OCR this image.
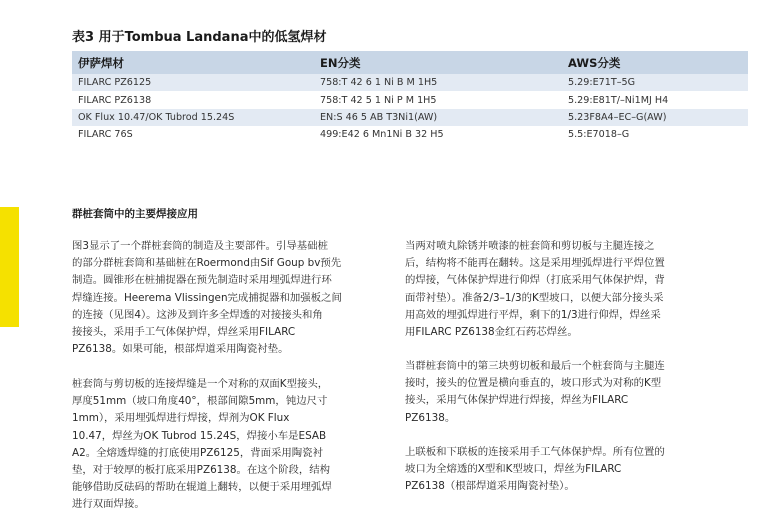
表3 用于Tombua Landana中的低氢焊材
伊萨焊材	EN分类	AWS分类
FILARC PZ6125	758:T 42 6 1 Ni B M 1H5	5.29:E71T–5G
FILARC PZ6138	758:T 42 5 1 Ni P M 1H5	5.29:E81T/–Ni1MJ H4
OK Flux 10.47/OK Tubrod 15.24S	EN:S 46 5 AB T3Ni1(AW)	5.23F8A4–EC–G(AW)
FILARC 76S	499:E42 6 Mn1Ni B 32 H5	5.5:E7018–G
群桩套筒中的主要焊接应用
图3显示了一个群桩套筒的制造及主要部件。引导基础桩
的部分群桩套筒和基础桩在Roermond由Sif Goup bv预先
制造。圆锥形在桩捕捉器在预先制造时采用埋弧焊进行环
焊缝连接。Heerema Vlissingen完成捕捉器和加强板之间
的连接（见图4）。这涉及到许多全焊透的对接接头和角
接接头，采用手工气体保护焊，焊丝采用FILARC
PZ6138。如果可能，根部焊道采用陶瓷衬垫。
桩套筒与剪切板的连接焊缝是一个对称的双面K型接头，
厚度51mm（坡口角度40°，根部间隙5mm，钝边尺寸
1mm），采用埋弧焊进行焊接，焊剂为OK Flux
10.47，焊丝为OK Tubrod 15.24S，焊接小车是ESAB
A2。全熔透焊缝的打底使用PZ6125，背面采用陶瓷衬
垫，对于较厚的板打底采用PZ6138。在这个阶段，结构
能够借助反砝码的帮助在辊道上翻转，以便于采用埋弧焊
进行双面焊接。
当两对喷丸除锈并喷漆的桩套筒和剪切板与主腿连接之
后，结构将不能再在翻转。这是采用埋弧焊进行平焊位置
的焊接，气体保护焊进行仰焊（打底采用气体保护焊，背
面带衬垫）。准备2/3–1/3的K型坡口，以便大部分接头采
用高效的埋弧焊进行平焊，剩下的1/3进行仰焊，焊丝采
用FILARC PZ6138金红石药芯焊丝。
当群桩套筒中的第三块剪切板和最后一个桩套筒与主腿连
接时，接头的位置是横向垂直的，坡口形式为对称的K型
接头，采用气体保护焊进行焊接，焊丝为FILARC
PZ6138。
上联板和下联板的连接采用手工气体保护焊。所有位置的
坡口为全熔透的X型和K型坡口，焊丝为FILARC
PZ6138（根部焊道采用陶瓷衬垫）。
